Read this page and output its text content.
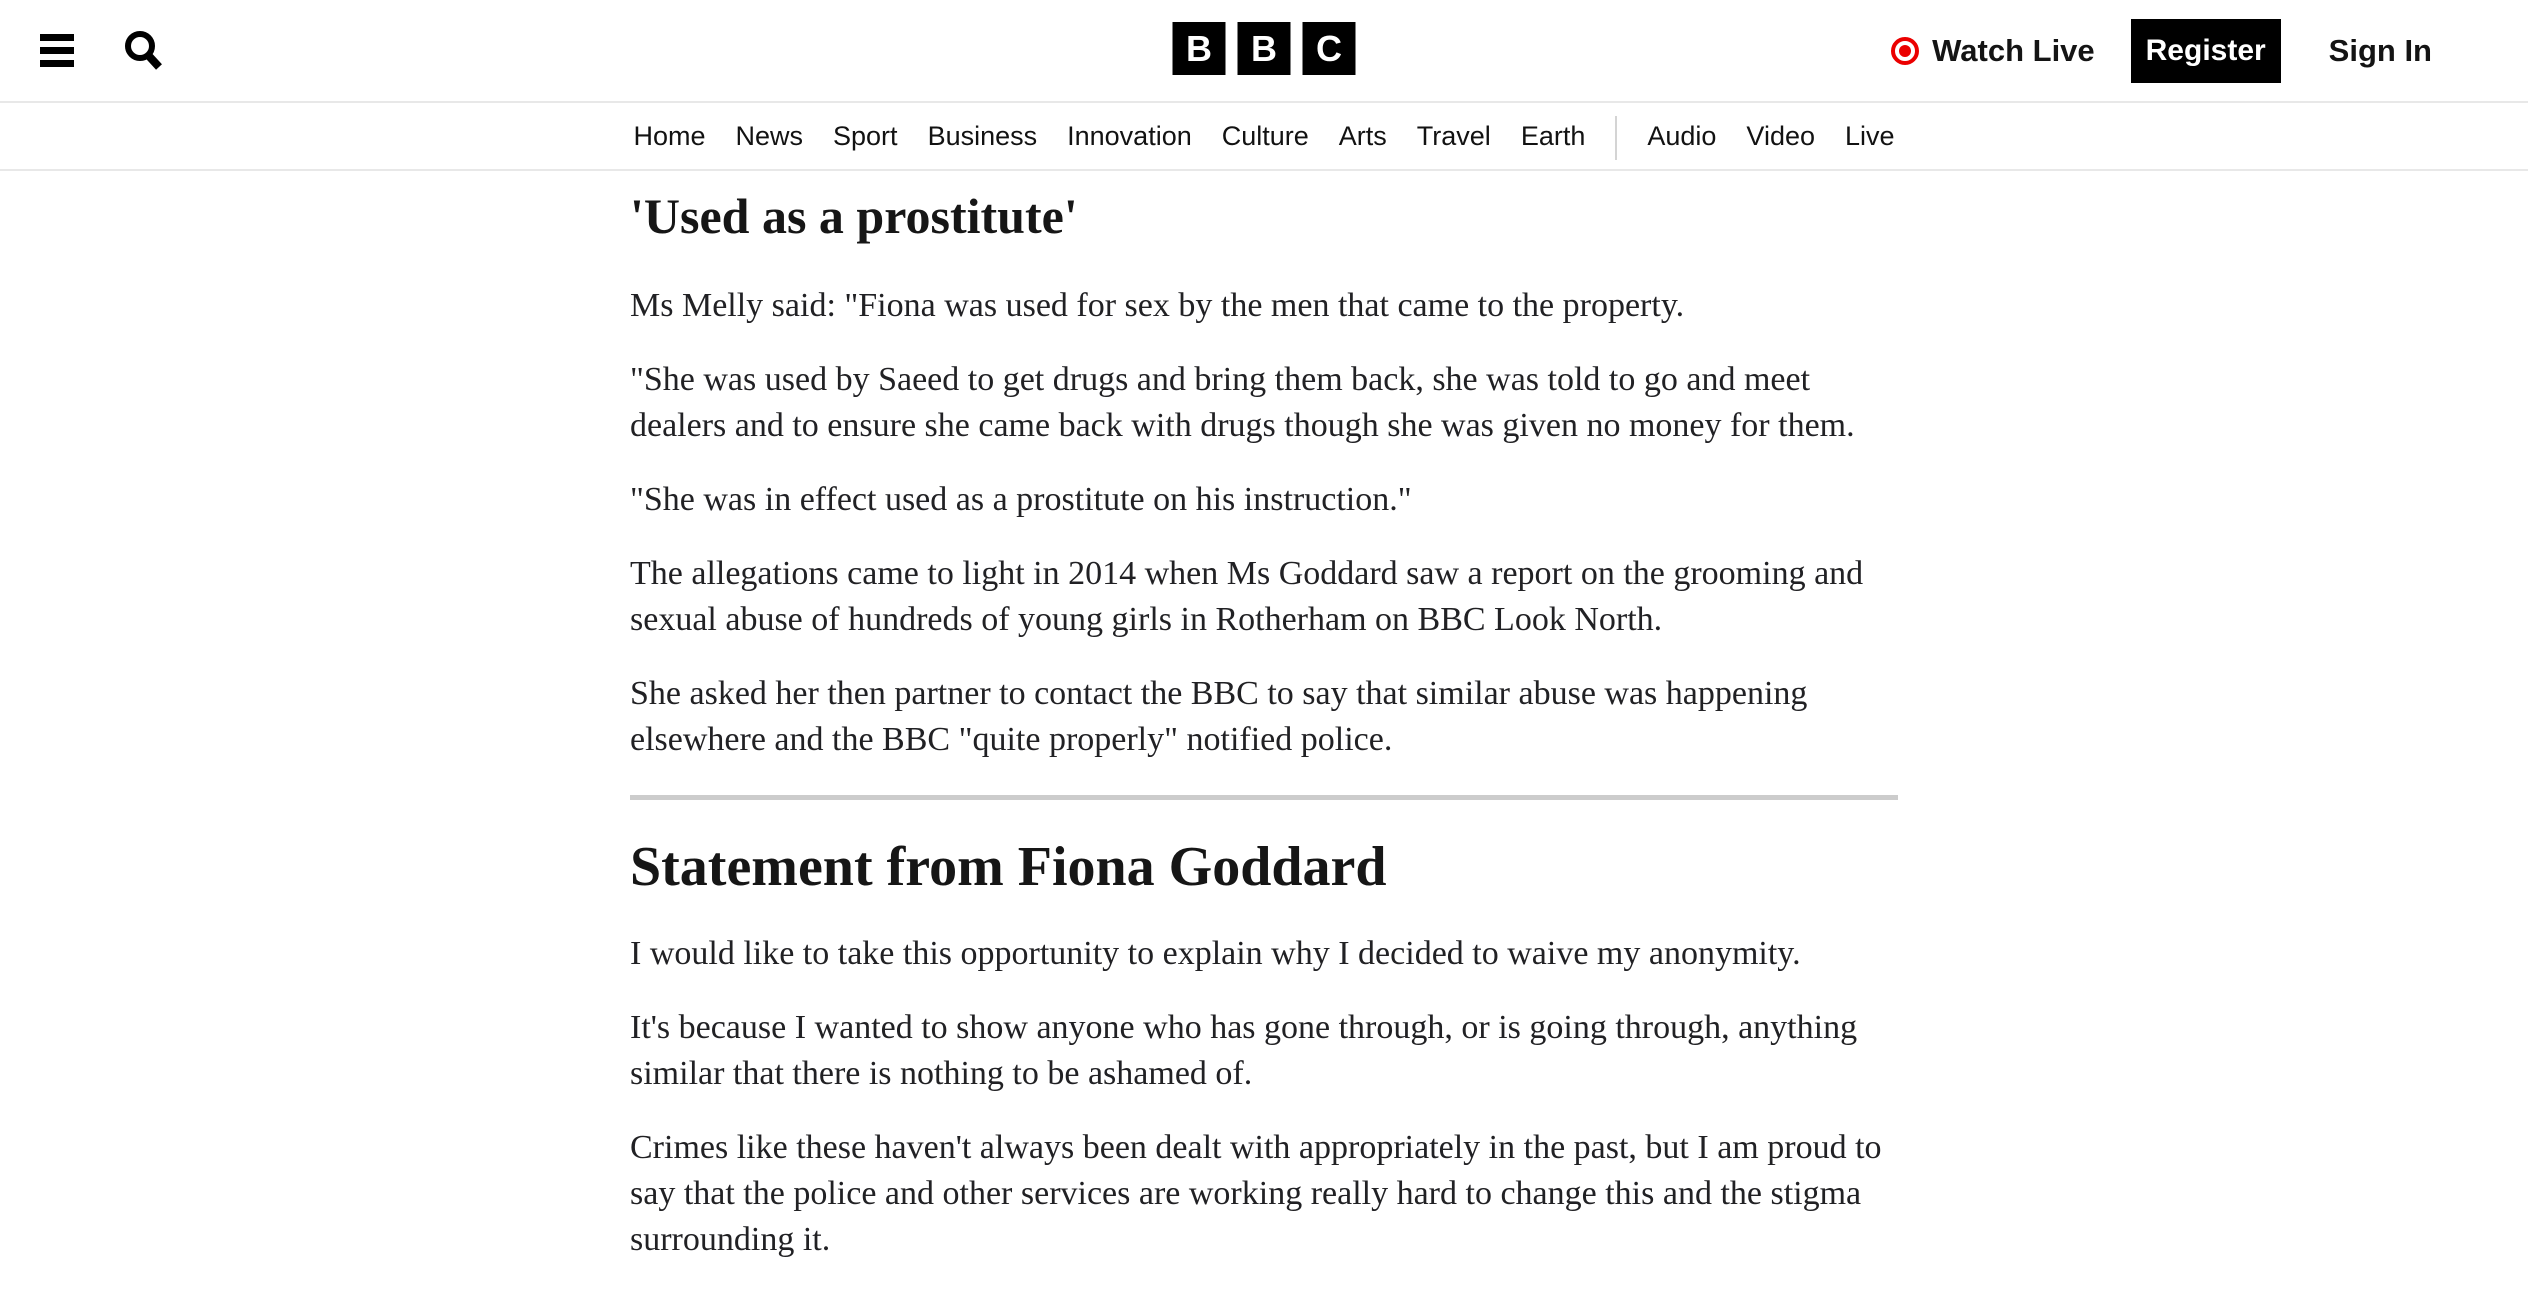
B	B	C	Watch Live	Register	Sign In
Home News Sport Business Innovation Culture Arts Travel Earth Audio Video Live
'Used as a prostitute'

Ms Melly said: "Fiona was used for sex by the men that came to the property.

"She was used by Saeed to get drugs and bring them back, she was told to go and meet dealers and to ensure she came back with drugs though she was given no money for them.

"She was in effect used as a prostitute on his instruction."

The allegations came to light in 2014 when Ms Goddard saw a report on the grooming and sexual abuse of hundreds of young girls in Rotherham on BBC Look North.

She asked her then partner to contact the BBC to say that similar abuse was happening elsewhere and the BBC "quite properly" notified police.

Statement from Fiona Goddard

I would like to take this opportunity to explain why I decided to waive my anonymity.

It's because I wanted to show anyone who has gone through, or is going through, anything similar that there is nothing to be ashamed of.

Crimes like these haven't always been dealt with appropriately in the past, but I am proud to say that the police and other services are working really hard to change this and the stigma surrounding it.
